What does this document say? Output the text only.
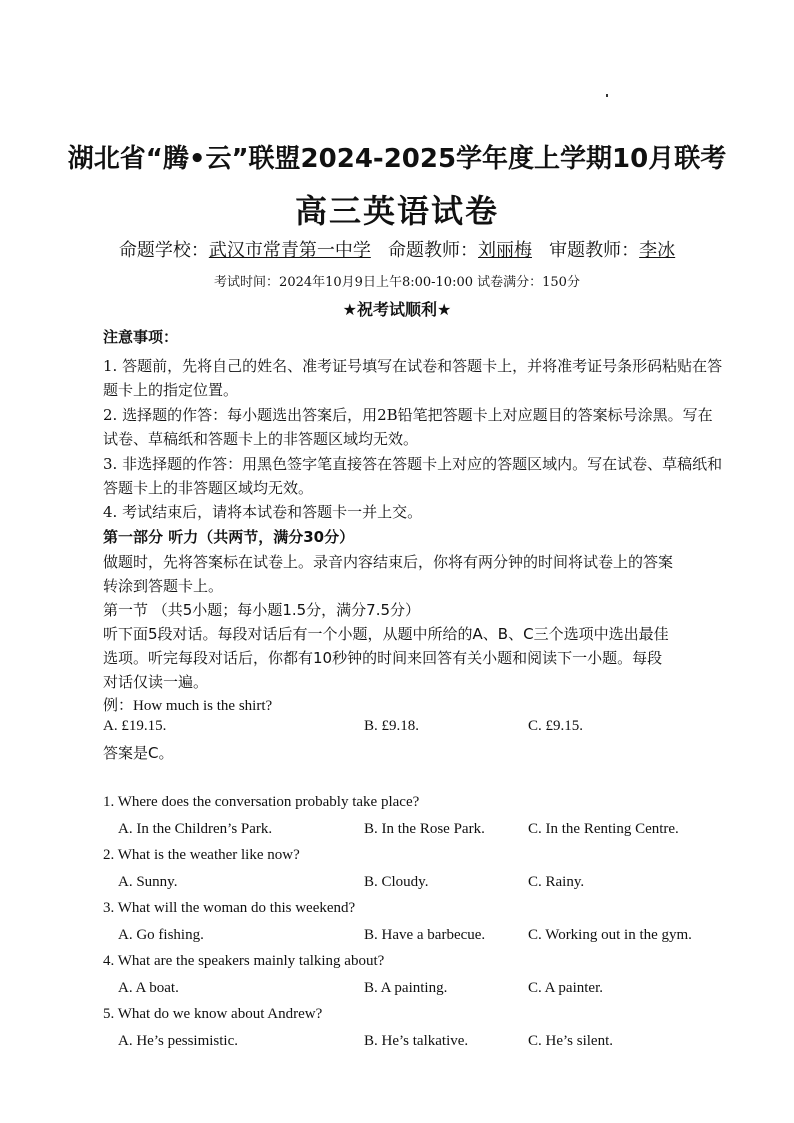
湖北省“腾•云”联盟2024-2025学年度上学期10月联考
高三英语试卷
命题学校：武汉市常青第一中学 命题教师：刘丽梅 审题教师：李冰
考试时间：2024年10月9日上午8:00-10:00 试卷满分：150分
★祝考试顺利★
注意事项：
1. 答题前，先将自己的姓名、准考证号填写在试卷和答题卡上，并将准考证号条形码粘贴在答题卡上的指定位置。
2. 选择题的作答：每小题选出答案后，用2B铅笔把答题卡上对应题目的答案标号涂黑。写在试卷、草稿纸和答题卡上的非答题区域均无效。
3. 非选择题的作答：用黑色签字笔直接答在答题卡上对应的答题区域内。写在试卷、草稿纸和答题卡上的非答题区域均无效。
4. 考试结束后，请将本试卷和答题卡一并上交。
第一部分 听力（共两节，满分30分）
做题时，先将答案标在试卷上。录音内容结束后，你将有两分钟的时间将试卷上的答案
转涂到答题卡上。
第一节 （共5小题；每小题1.5分，满分7.5分）
听下面5段对话。每段对话后有一个小题，从题中所给的A、B、C三个选项中选出最佳
选项。听完每段对话后，你都有10秒钟的时间来回答有关小题和阅读下一小题。每段
对话仅读一遍。
例：How much is the shirt?
A. £19.15.	B. £9.18.	C. £9.15.
答案是C。
1. Where does the conversation probably take place?
A. In the Children’s Park.	B. In the Rose Park.	C. In the Renting Centre.
2. What is the weather like now?
A. Sunny.	B. Cloudy.	C. Rainy.
3. What will the woman do this weekend?
A. Go fishing.	B. Have a barbecue.	C. Working out in the gym.
4. What are the speakers mainly talking about?
A. A boat.	B. A painting.	C. A painter.
5. What do we know about Andrew?
A. He’s pessimistic.	B. He’s talkative.	C. He’s silent.
